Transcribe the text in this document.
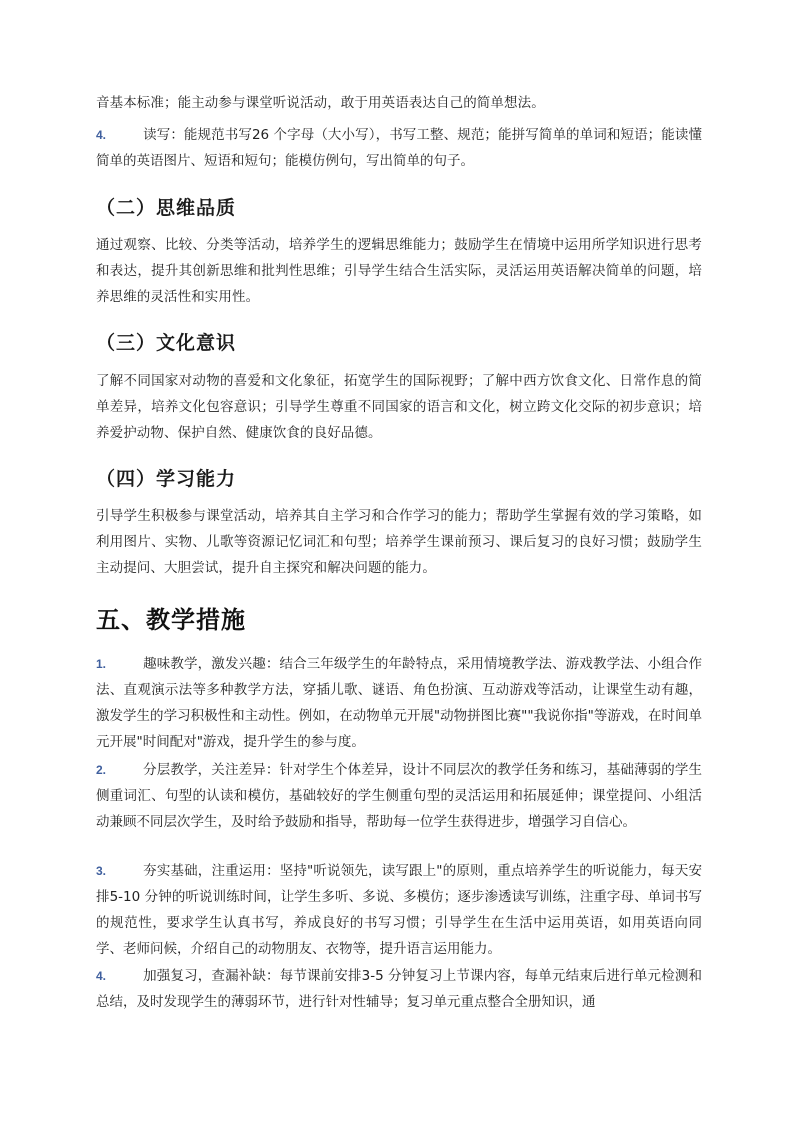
音基本标准；能主动参与课堂听说活动，敢于用英语表达自己的简单想法。

4.	读写：能规范书写26 个字母（大小写），书写工整、规范；能拼写简单的单词和短语；能读懂简单的英语图片、短语和短句；能模仿例句，写出简单的句子。

（二）思维品质

通过观察、比较、分类等活动，培养学生的逻辑思维能力；鼓励学生在情境中运用所学知识进行思考和表达，提升其创新思维和批判性思维；引导学生结合生活实际，灵活运用英语解决简单的问题，培养思维的灵活性和实用性。

（三）文化意识

了解不同国家对动物的喜爱和文化象征，拓宽学生的国际视野；了解中西方饮食文化、日常作息的简单差异，培养文化包容意识；引导学生尊重不同国家的语言和文化，树立跨文化交际的初步意识；培养爱护动物、保护自然、健康饮食的良好品德。

（四）学习能力

引导学生积极参与课堂活动，培养其自主学习和合作学习的能力；帮助学生掌握有效的学习策略，如利用图片、实物、儿歌等资源记忆词汇和句型；培养学生课前预习、课后复习的良好习惯；鼓励学生主动提问、大胆尝试，提升自主探究和解决问题的能力。

五、教学措施

1.	趣味教学，激发兴趣：结合三年级学生的年龄特点，采用情境教学法、游戏教学法、小组合作法、直观演示法等多种教学方法，穿插儿歌、谜语、角色扮演、互动游戏等活动，让课堂生动有趣，激发学生的学习积极性和主动性。例如，在动物单元开展"动物拼图比赛""我说你指"等游戏，在时间单元开展"时间配对"游戏，提升学生的参与度。

2.	分层教学，关注差异：针对学生个体差异，设计不同层次的教学任务和练习，基础薄弱的学生侧重词汇、句型的认读和模仿，基础较好的学生侧重句型的灵活运用和拓展延伸；课堂提问、小组活动兼顾不同层次学生，及时给予鼓励和指导，帮助每一位学生获得进步，增强学习自信心。

3.	夯实基础，注重运用：坚持"听说领先，读写跟上"的原则，重点培养学生的听说能力，每天安排5-10 分钟的听说训练时间，让学生多听、多说、多模仿；逐步渗透读写训练，注重字母、单词书写的规范性，要求学生认真书写，养成良好的书写习惯；引导学生在生活中运用英语，如用英语向同学、老师问候，介绍自己的动物朋友、衣物等，提升语言运用能力。

4.	加强复习，查漏补缺：每节课前安排3-5 分钟复习上节课内容，每单元结束后进行单元检测和总结，及时发现学生的薄弱环节，进行针对性辅导；复习单元重点整合全册知识，通
